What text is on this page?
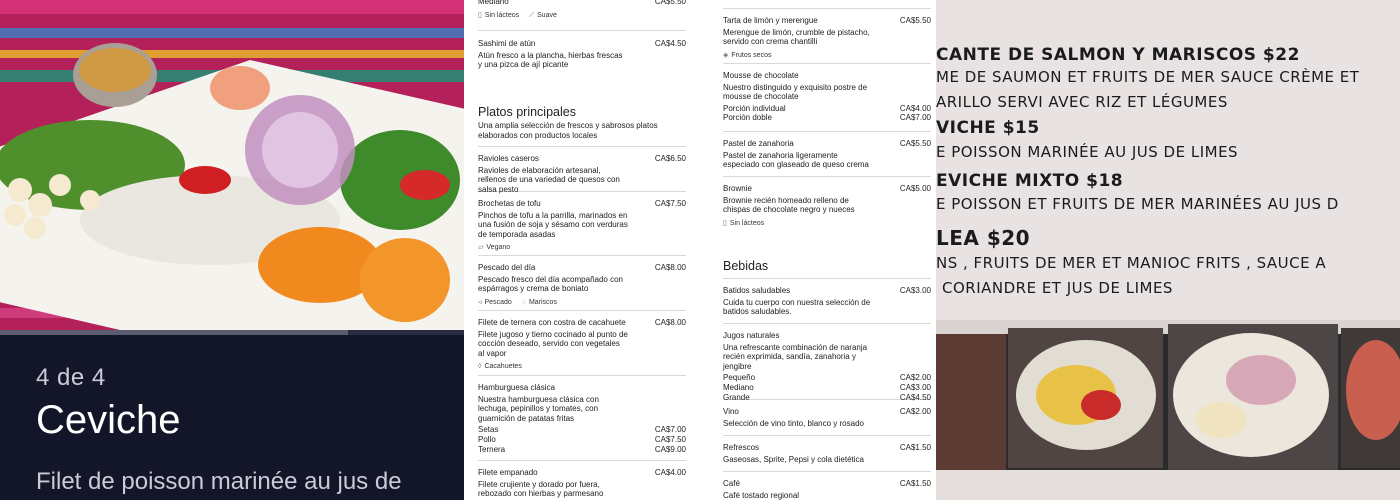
4 de 4
Ceviche
Filet de poisson marinée au jus de
Mediano	CA$5.50
▯ Sin lácteos ⟋ Suave
Sashimi de atún	CA$4.50
Atún fresco a la plancha, hierbas frescas y una pizca de ají picante
Platos principales
Una amplia selección de frescos y sabrosos platos elaborados con productos locales
Ravioles caseros	CA$6.50
Ravioles de elaboración artesanal, rellenos de una variedad de quesos con salsa pesto
Brochetas de tofu	CA$7.50
Pinchos de tofu a la parrilla, marinados en una fusión de soja y sésamo con verduras de temporada asadas
▱ Vegano
Pescado del día	CA$8.00
Pescado fresco del día acompañado con espárragos y crema de boniato
◃ Pescado ◌ Mariscos
Filete de ternera con costra de cacahuete	CA$8.00
Filete jugoso y tierno cocinado al punto de cocción deseado, servido con vegetales al vapor
◊ Cacahuetes
Hamburguesa clásica
Nuestra hamburguesa clásica con lechuga, pepinillos y tomates, con guarnición de patatas fritas
Setas	CA$7.00
Pollo	CA$7.50
Ternera	CA$9.00
Filete empanado	CA$4.00
Filete crujiente y dorado por fuera, rebozado con hierbas y parmesano
Tarta de limón y merengue	CA$5.50
Merengue de limón, crumble de pistacho, servido con crema chantilli
◈ Frutos secos
Mousse de chocolate
Nuestro distinguido y exquisito postre de mousse de chocolate
Porción individual	CA$4.00
Porción doble	CA$7.00
Pastel de zanahoria	CA$5.50
Pastel de zanahoria ligeramente especiado con glaseado de queso crema
Brownie	CA$5.00
Brownie recién homeado relleno de chispas de chocolate negro y nueces
▯ Sin lácteos
Bebidas
Batidos saludables	CA$3.00
Cuida tu cuerpo con nuestra selección de batidos saludables.
Jugos naturales
Una refrescante combinación de naranja recién exprimida, sandía, zanahoria y jengibre
Pequeño	CA$2.00
Mediano	CA$3.00
Grande	CA$4.50
Vino	CA$2.00
Selección de vino tinto, blanco y rosado
Refrescos	CA$1.50
Gaseosas, Sprite, Pepsi y cola dietética
Café	CA$1.50
Café tostado regional
CANTE DE SALMON Y MARISCOS $22
ME DE SAUMON ET FRUITS DE MER SAUCE CRÈME ET
ARILLO SERVI AVEC RIZ ET LÉGUMES
VICHE $15
E POISSON MARINÉE AU JUS DE LIMES
EVICHE MIXTO $18
E POISSON ET FRUITS DE MER MARINÉES AU JUS D
LEA $20
NS , FRUITS DE MER ET MANIOC FRITS , SAUCE A
CORIANDRE ET JUS DE LIMES
